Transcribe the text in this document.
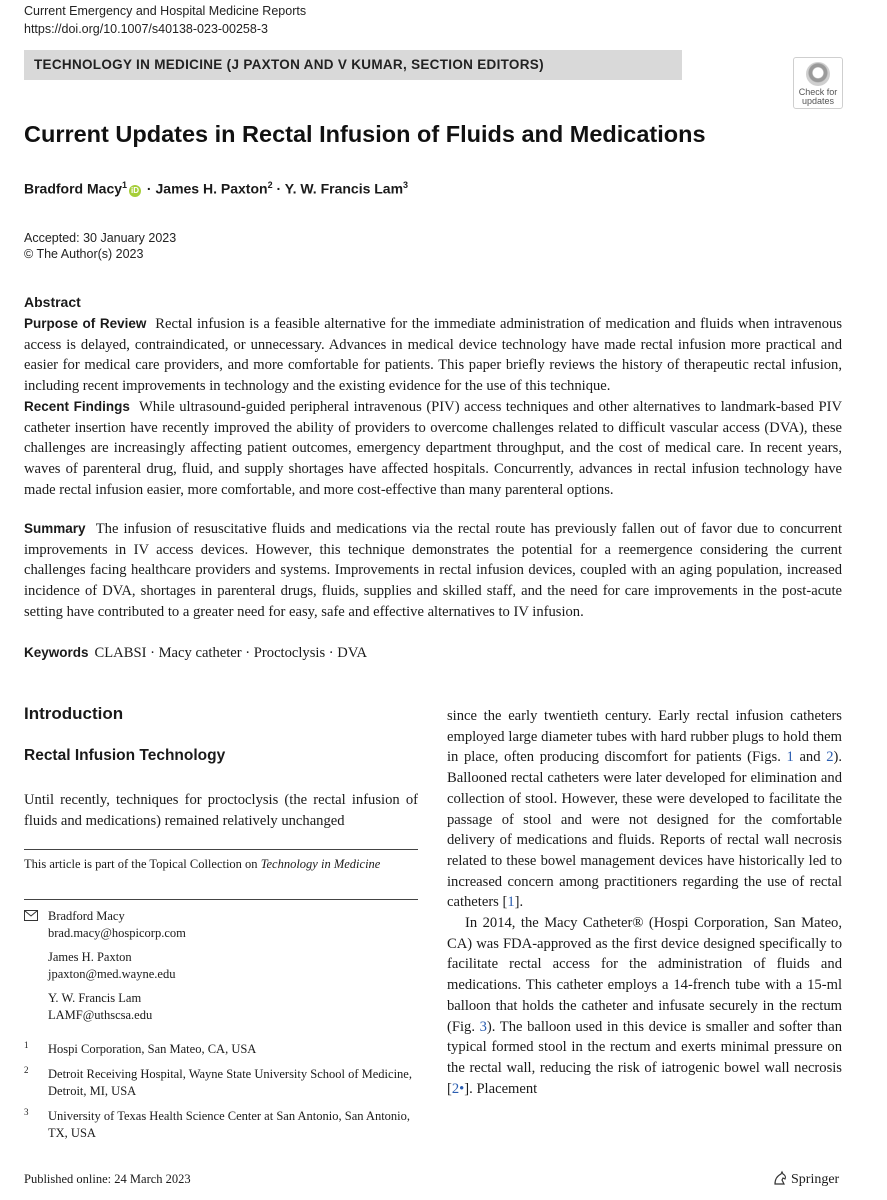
Current Emergency and Hospital Medicine Reports
https://doi.org/10.1007/s40138-023-00258-3
TECHNOLOGY IN MEDICINE (J PAXTON AND V KUMAR, SECTION EDITORS)
Check for
updates
Current Updates in Rectal Infusion of Fluids and Medications
Bradford Macy$^1$iD · James H. Paxton$^2$ · Y. W. Francis Lam$^3$
Accepted: 30 January 2023
© The Author(s) 2023
Abstract
Purpose of Review Rectal infusion is a feasible alternative for the immediate administration of medication and fluids when intravenous access is delayed, contraindicated, or unnecessary. Advances in medical device technology have made rectal infusion more practical and easier for medical care providers, and more comfortable for patients. This paper briefly reviews the history of therapeutic rectal infusion, including recent improvements in technology and the existing evidence for the use of this technique.
Recent Findings While ultrasound-guided peripheral intravenous (PIV) access techniques and other alternatives to landmark-based PIV catheter insertion have recently improved the ability of providers to overcome challenges related to difficult vascular access (DVA), these challenges are increasingly affecting patient outcomes, emergency department throughput, and the cost of medical care. In recent years, waves of parenteral drug, fluid, and supply shortages have affected hospitals. Concurrently, advances in rectal infusion technology have made rectal infusion easier, more comfortable, and more cost-effective than many parenteral options.
Summary The infusion of resuscitative fluids and medications via the rectal route has previously fallen out of favor due to concurrent improvements in IV access devices. However, this technique demonstrates the potential for a reemergence considering the current challenges facing healthcare providers and systems. Improvements in rectal infusion devices, coupled with an aging population, increased incidence of DVA, shortages in parenteral drugs, fluids, supplies and skilled staff, and the need for care improvements in the post-acute setting have contributed to a greater need for easy, safe and effective alternatives to IV infusion.
Keywords CLABSI · Macy catheter · Proctoclysis · DVA
Introduction
Rectal Infusion Technology
Until recently, techniques for proctoclysis (the rectal infusion of fluids and medications) remained relatively unchanged
This article is part of the Topical Collection on Technology in Medicine
Bradford Macy
brad.macy@hospicorp.com
James H. Paxton
jpaxton@med.wayne.edu
Y. W. Francis Lam
LAMF@uthscsa.edu
1 Hospi Corporation, San Mateo, CA, USA
2 Detroit Receiving Hospital, Wayne State University School of Medicine, Detroit, MI, USA
3 University of Texas Health Science Center at San Antonio, San Antonio, TX, USA

since the early twentieth century. Early rectal infusion catheters employed large diameter tubes with hard rubber plugs to hold them in place, often producing discomfort for patients (Figs. 1 and 2). Ballooned rectal catheters were later developed for elimination and collection of stool. However, these were developed to facilitate the passage of stool and were not designed for the comfortable delivery of medications and fluids. Reports of rectal wall necrosis related to these bowel management devices have historically led to increased concern among practitioners regarding the use of rectal catheters [1].

In 2014, the Macy Catheter® (Hospi Corporation, San Mateo, CA) was FDA-approved as the first device designed specifically to facilitate rectal access for the administration of fluids and medications. This catheter employs a 14-french tube with a 15-ml balloon that holds the catheter and infusate securely in the rectum (Fig. 3). The balloon used in this device is smaller and softer than typical formed stool in the rectum and exerts minimal pressure on the rectal wall, reducing the risk of iatrogenic bowel wall necrosis [2•]. Placement

Published online: 24 March 2023	Springer
